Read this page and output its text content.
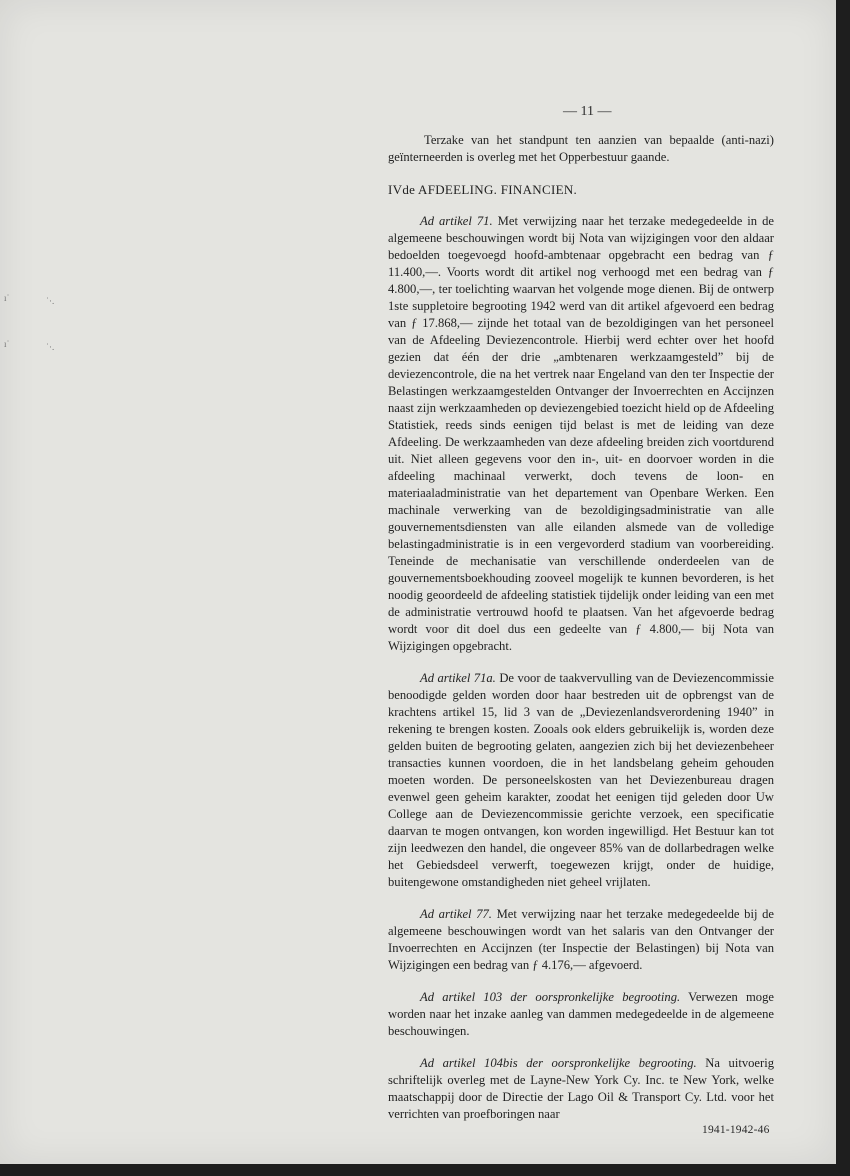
— 11 —
ı˙	˙·.
ı˙	˙·.

Terzake van het standpunt ten aanzien van bepaalde (anti-nazi) geïnterneerden is overleg met het Opperbestuur gaande.

IVde AFDEELING. FINANCIEN.

Ad artikel 71. Met verwijzing naar het terzake medegedeelde in de algemeene beschouwingen wordt bij Nota van wijzigingen voor den aldaar bedoelden toegevoegd hoofd-ambtenaar opgebracht een bedrag van ƒ 11.400,—. Voorts wordt dit artikel nog verhoogd met een bedrag van ƒ 4.800,—, ter toelichting waarvan het volgende moge dienen. Bij de ontwerp 1ste suppletoire begrooting 1942 werd van dit artikel afgevoerd een bedrag van ƒ 17.868,— zijnde het totaal van de bezoldigingen van het personeel van de Afdeeling Deviezencontrole. Hierbij werd echter over het hoofd gezien dat één der drie „ambtenaren werkzaamgesteld” bij de deviezencontrole, die na het vertrek naar Engeland van den ter Inspectie der Belastingen werkzaamgestelden Ontvanger der Invoerrechten en Accijnzen naast zijn werkzaamheden op deviezengebied toezicht hield op de Afdeeling Statistiek, reeds sinds eenigen tijd belast is met de leiding van deze Afdeeling. De werkzaamheden van deze afdeeling breiden zich voortdurend uit. Niet alleen gegevens voor den in-, uit- en doorvoer worden in die afdeeling machinaal verwerkt, doch tevens de loon- en materiaaladministratie van het departement van Openbare Werken. Een machinale verwerking van de bezoldigingsadministratie van alle gouvernementsdiensten van alle eilanden alsmede van de volledige belastingadministratie is in een vergevorderd stadium van voorbereiding. Teneinde de mechanisatie van verschillende onderdeelen van de gouvernementsboekhouding zooveel mogelijk te kunnen bevorderen, is het noodig geoordeeld de afdeeling statistiek tijdelijk onder leiding van een met de administratie vertrouwd hoofd te plaatsen. Van het afgevoerde bedrag wordt voor dit doel dus een gedeelte van ƒ 4.800,— bij Nota van Wijzigingen opgebracht.

Ad artikel 71a. De voor de taakvervulling van de Deviezencommissie benoodigde gelden worden door haar bestreden uit de opbrengst van de krachtens artikel 15, lid 3 van de „Deviezenlandsverordening 1940” in rekening te brengen kosten. Zooals ook elders gebruikelijk is, worden deze gelden buiten de begrooting gelaten, aangezien zich bij het deviezenbeheer transacties kunnen voordoen, die in het landsbelang geheim gehouden moeten worden. De personeelskosten van het Deviezenbureau dragen evenwel geen geheim karakter, zoodat het eenigen tijd geleden door Uw College aan de Deviezencommissie gerichte verzoek, een specificatie daarvan te mogen ontvangen, kon worden ingewilligd. Het Bestuur kan tot zijn leedwezen den handel, die ongeveer 85% van de dollarbedragen welke het Gebiedsdeel verwerft, toegewezen krijgt, onder de huidige, buitengewone omstandigheden niet geheel vrijlaten.

Ad artikel 77. Met verwijzing naar het terzake medegedeelde bij de algemeene beschouwingen wordt van het salaris van den Ontvanger der Invoerrechten en Accijnzen (ter Inspectie der Belastingen) bij Nota van Wijzigingen een bedrag van ƒ 4.176,— afgevoerd.

Ad artikel 103 der oorspronkelijke begrooting. Verwezen moge worden naar het inzake aanleg van dammen medegedeelde in de algemeene beschouwingen.

Ad artikel 104bis der oorspronkelijke begrooting. Na uitvoerig schriftelijk overleg met de Layne-New York Cy. Inc. te New York, welke maatschappij door de Directie der Lago Oil & Transport Cy. Ltd. voor het verrichten van proefboringen naar

1941-1942-46
